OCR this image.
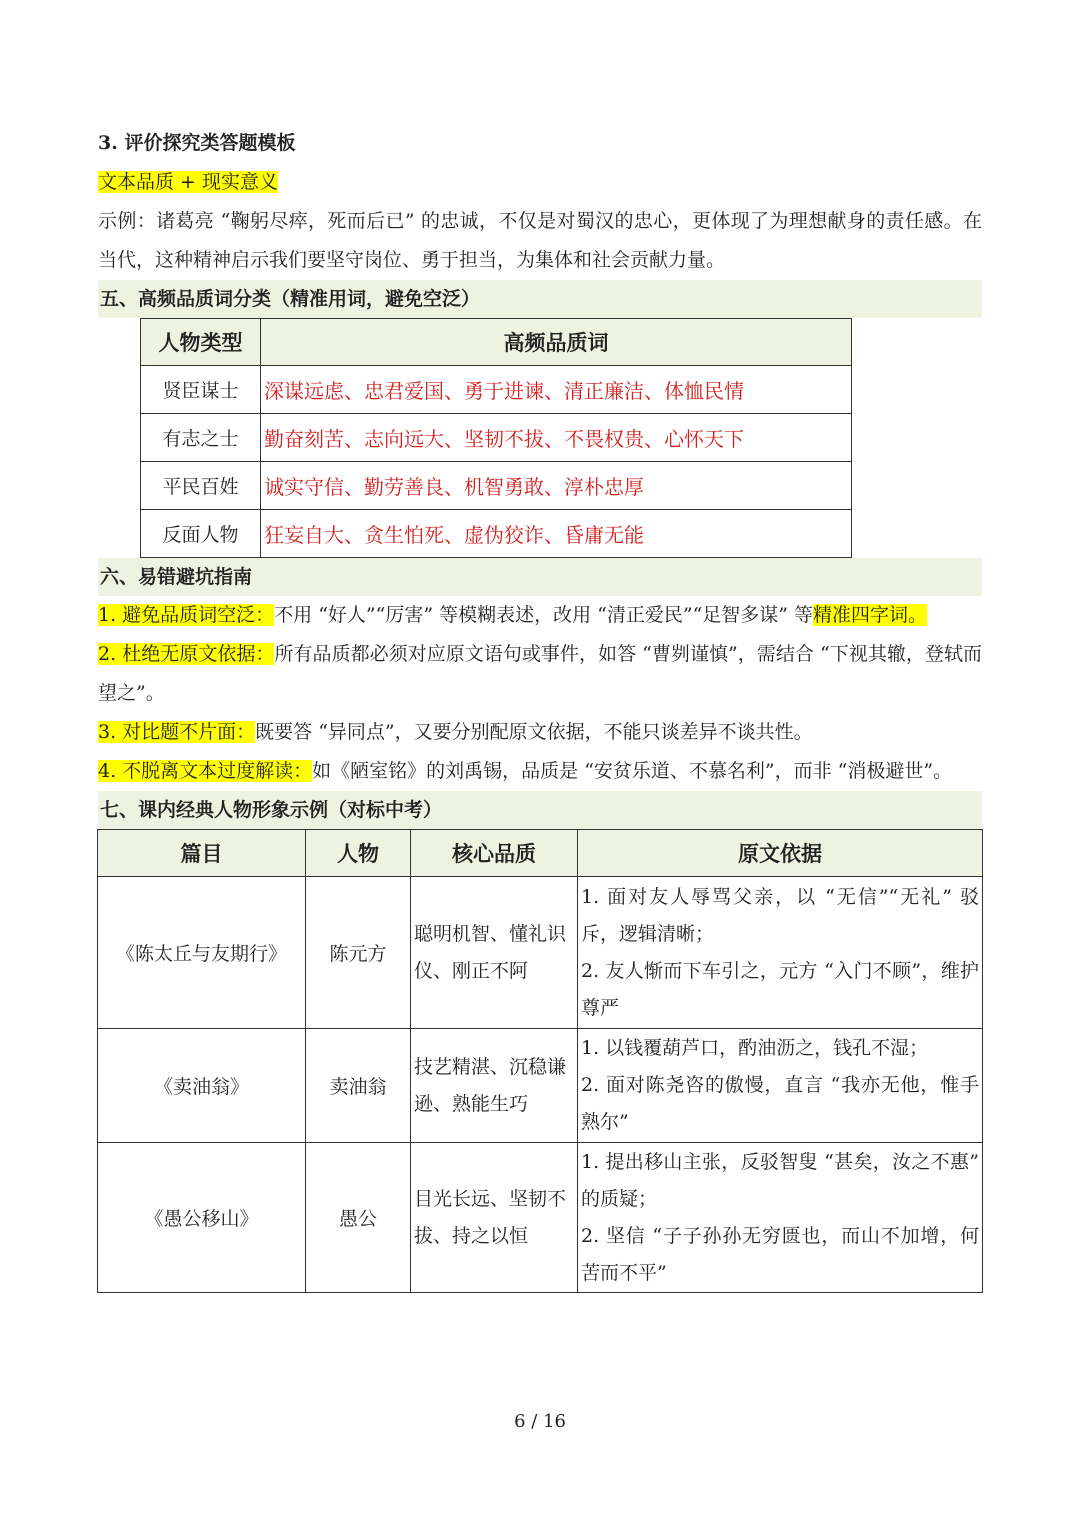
3. 评价探究类答题模板
文本品质 + 现实意义
示例：诸葛亮 “鞠躬尽瘁，死而后已” 的忠诚，不仅是对蜀汉的忠心，更体现了为理想献身的责任感。在当代，这种精神启示我们要坚守岗位、勇于担当，为集体和社会贡献力量。
五、高频品质词分类（精准用词，避免空泛）
人物类型	高频品质词
贤臣谋士	深谋远虑、忠君爱国、勇于进谏、清正廉洁、体恤民情
有志之士	勤奋刻苦、志向远大、坚韧不拔、不畏权贵、心怀天下
平民百姓	诚实守信、勤劳善良、机智勇敢、淳朴忠厚
反面人物	狂妄自大、贪生怕死、虚伪狡诈、昏庸无能
六、易错避坑指南
1. 避免品质词空泛：不用 “好人”“厉害” 等模糊表述，改用 “清正爱民”“足智多谋” 等精准四字词。
2. 杜绝无原文依据：所有品质都必须对应原文语句或事件，如答 “曹刿谨慎”，需结合 “下视其辙，登轼而望之”。
3. 对比题不片面：既要答 “异同点”，又要分别配原文依据，不能只谈差异不谈共性。
4. 不脱离文本过度解读：如《陋室铭》的刘禹锡，品质是 “安贫乐道、不慕名利”，而非 “消极避世”。
七、课内经典人物形象示例（对标中考）
篇目	人物	核心品质	原文依据
《陈太丘与友期行》	陈元方	聪明机智、懂礼识仪、刚正不阿	1. 面对友人辱骂父亲，以 “无信”“无礼” 驳斥，逻辑清晰；
2. 友人惭而下车引之，元方 “入门不顾”，维护尊严

《卖油翁》	卖油翁	技艺精湛、沉稳谦逊、熟能生巧	1. 以钱覆葫芦口，酌油沥之，钱孔不湿；
2. 面对陈尧咨的傲慢，直言 “我亦无他，惟手熟尔”

《愚公移山》	愚公	目光长远、坚韧不拔、持之以恒	1. 提出移山主张，反驳智叟 “甚矣，汝之不惠” 的质疑；
2. 坚信 “子子孙孙无穷匮也，而山不加增，何苦而不平”
6 / 16
